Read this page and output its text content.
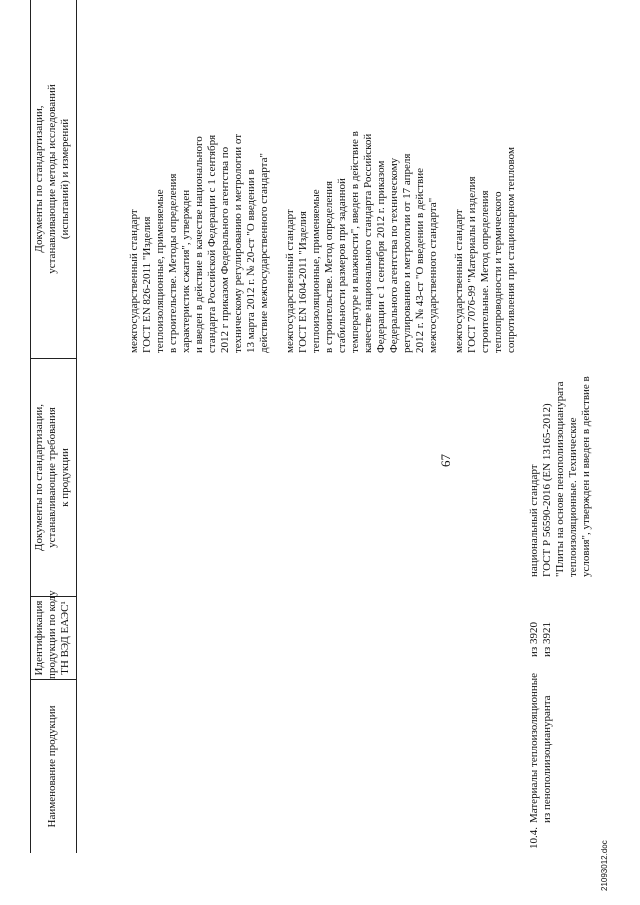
67
Наименование продукции
Идентификация продукции по коду ТН ВЭД ЕАЭС¹
Документы по стандартизации, устанавливающие требования к продукции
Документы по стандартизации, устанавливающие методы исследований (испытаний) и измерений
10.4.
Материалы теплоизоляционные из пенополиизоциануранта
из 3920 из 3921
национальный стандарт ГОСТ Р 56590-2016 (EN 13165-2012) "Плиты на основе пенополиизоцианурата теплоизоляционные. Технические условия", утвержден и введен в действие в
межгосударственный стандарт ГОСТ EN 826-2011 "Изделия теплоизоляционные, применяемые в строительстве. Методы определения характеристик сжатия", утвержден и введен в действие в качестве национального стандарта Российской Федерации с 1 сентября 2012 г приказом Федерального агентства по техническому регулированию и метрологии от 13 марта 2012 г. № 20-ст "О введении в действие межгосударственного стандарта" межгосударственный стандарт ГОСТ EN 1604-2011 "Изделия теплоизоляционные, применяемые в строительстве. Метод определения стабильности размеров при заданной температуре и влажности", введен в действие в качестве национального стандарта Российской Федерации с 1 сентября 2012 г. приказом Федерального агентства по техническому регулированию и метрологии от 17 апреля 2012 г. № 43-ст "О введении в действие межгосударственного стандарта" межгосударственный стандарт ГОСТ 7076-99 "Материалы и изделия строительные. Метод определения теплопроводности и термического сопротивления при стационарном тепловом
21093012.doc
